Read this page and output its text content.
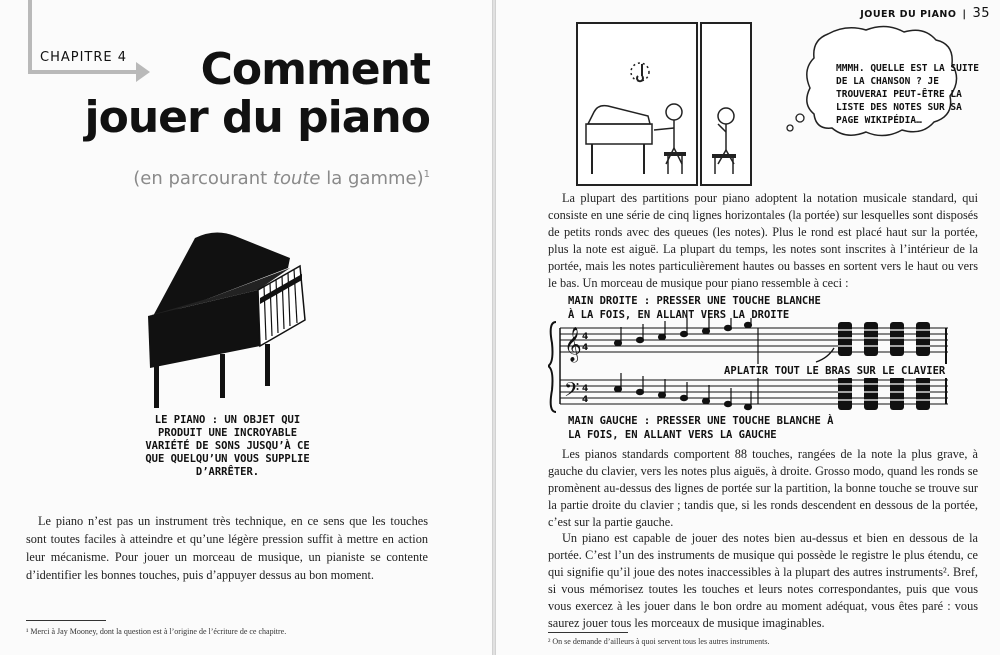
CHAPITRE 4	Comment
jouer du piano
(en parcourant toute la gamme)$^1$
LE PIANO : UN OBJET QUI PRODUIT UNE INCROYABLE VARIÉTÉ DE SONS JUSQU’À CE QUE QUELQU’UN VOUS SUPPLIE D’ARRÊTER.

Le piano n’est pas un instrument très technique, en ce sens que les touches sont toutes faciles à atteindre et qu’une légère pression suffit à mettre en action leur mécanisme. Pour jouer un morceau de musique, un pianiste se contente d’identifier les bonnes touches, puis d’appuyer dessus au bon moment.

¹ Merci à Jay Mooney, dont la question est à l’origine de l’écriture de ce chapitre.
JOUER DU PIANO | 35
MMMH. QUELLE EST LA SUITE DE LA CHANSON ? JE TROUVERAI PEUT-ÊTRE LA LISTE DES NOTES SUR SA PAGE WIKIPÉDIA…

La plupart des partitions pour piano adoptent la notation musicale standard, qui consiste en une série de cinq lignes horizontales (la portée) sur lesquelles sont disposés de petits ronds avec des queues (les notes). Plus le rond est placé haut sur la portée, plus la note est aiguë. La plupart du temps, les notes sont inscrites à l’intérieur de la portée, mais les notes particulièrement hautes ou basses en sortent vers le haut ou vers le bas. Un morceau de musique pour piano ressemble à ceci :

MAIN DROITE : PRESSER UNE TOUCHE BLANCHE À LA FOIS, EN ALLANT VERS LA DROITE
𝄞
𝄢
4
4
4
4
APLATIR TOUT LE BRAS SUR LE CLAVIER
MAIN GAUCHE : PRESSER UNE TOUCHE BLANCHE À LA FOIS, EN ALLANT VERS LA GAUCHE

Les pianos standards comportent 88 touches, rangées de la note la plus grave, à gauche du clavier, vers les notes plus aiguës, à droite. Grosso modo, quand les ronds se promènent au-dessus des lignes de portée sur la partition, la bonne touche se trouve sur la partie droite du clavier ; tandis que, si les ronds descendent en dessous de la portée, c’est sur la partie gauche.

Un piano est capable de jouer des notes bien au-dessus et bien en dessous de la portée. C’est l’un des instruments de musique qui possède le registre le plus étendu, ce qui signifie qu’il joue des notes inaccessibles à la plupart des autres instruments². Bref, si vous mémorisez toutes les touches et leurs notes correspondantes, puis que vous vous exercez à les jouer dans le bon ordre au moment adéquat, vous êtes paré : vous saurez jouer tous les morceaux de musique imaginables.

² On se demande d’ailleurs à quoi servent tous les autres instruments.
